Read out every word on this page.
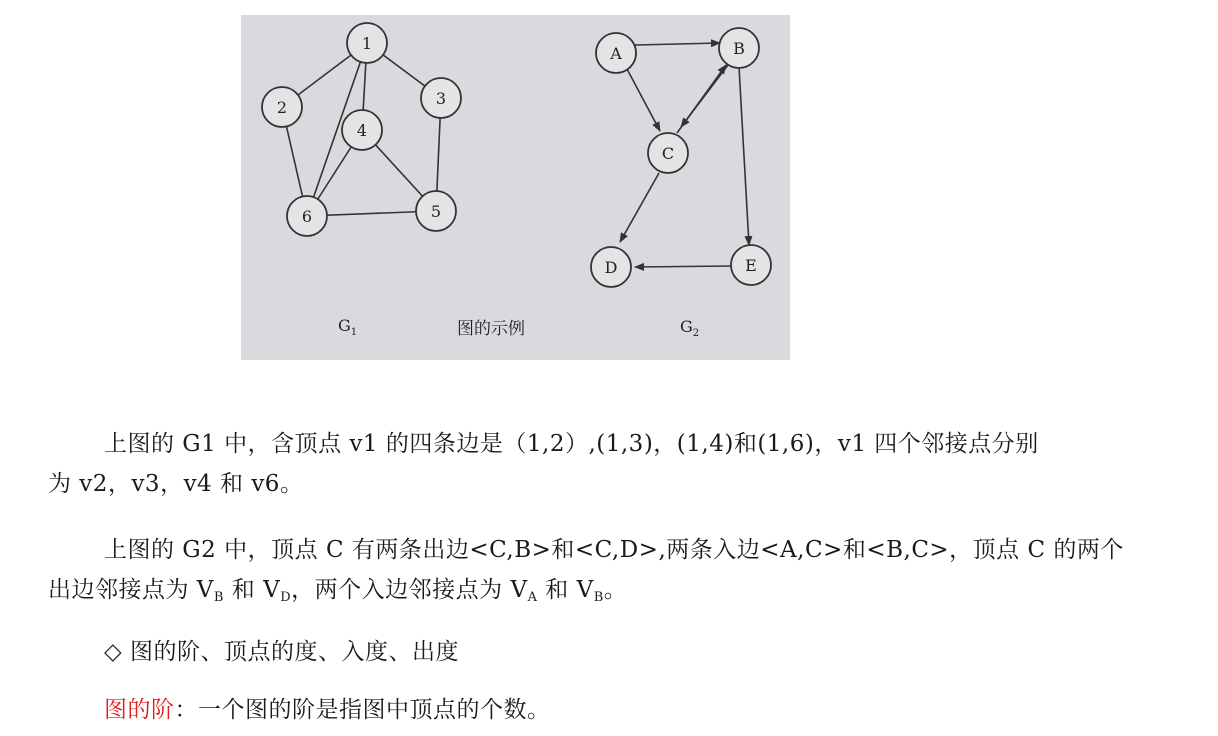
1
2	3
4
5
6
A	B
C
D	E
$G_1$	图的示例	$G_2$

上图的 G1 中，含顶点 v1 的四条边是（1,2）,(1,3)，(1,4)和(1,6)，v1 四个邻接点分别
为 v2，v3，v4 和 v6。

上图的 G2 中，顶点 C 有两条出边<C,B>和<C,D>,两条入边<A,C>和<B,C>，顶点 C 的两个
出边邻接点为 $V_B$ 和 $V_D$，两个入边邻接点为 $V_A$ 和 $V_B$。

◇ 图的阶、顶点的度、入度、出度

图的阶：一个图的阶是指图中顶点的个数。
